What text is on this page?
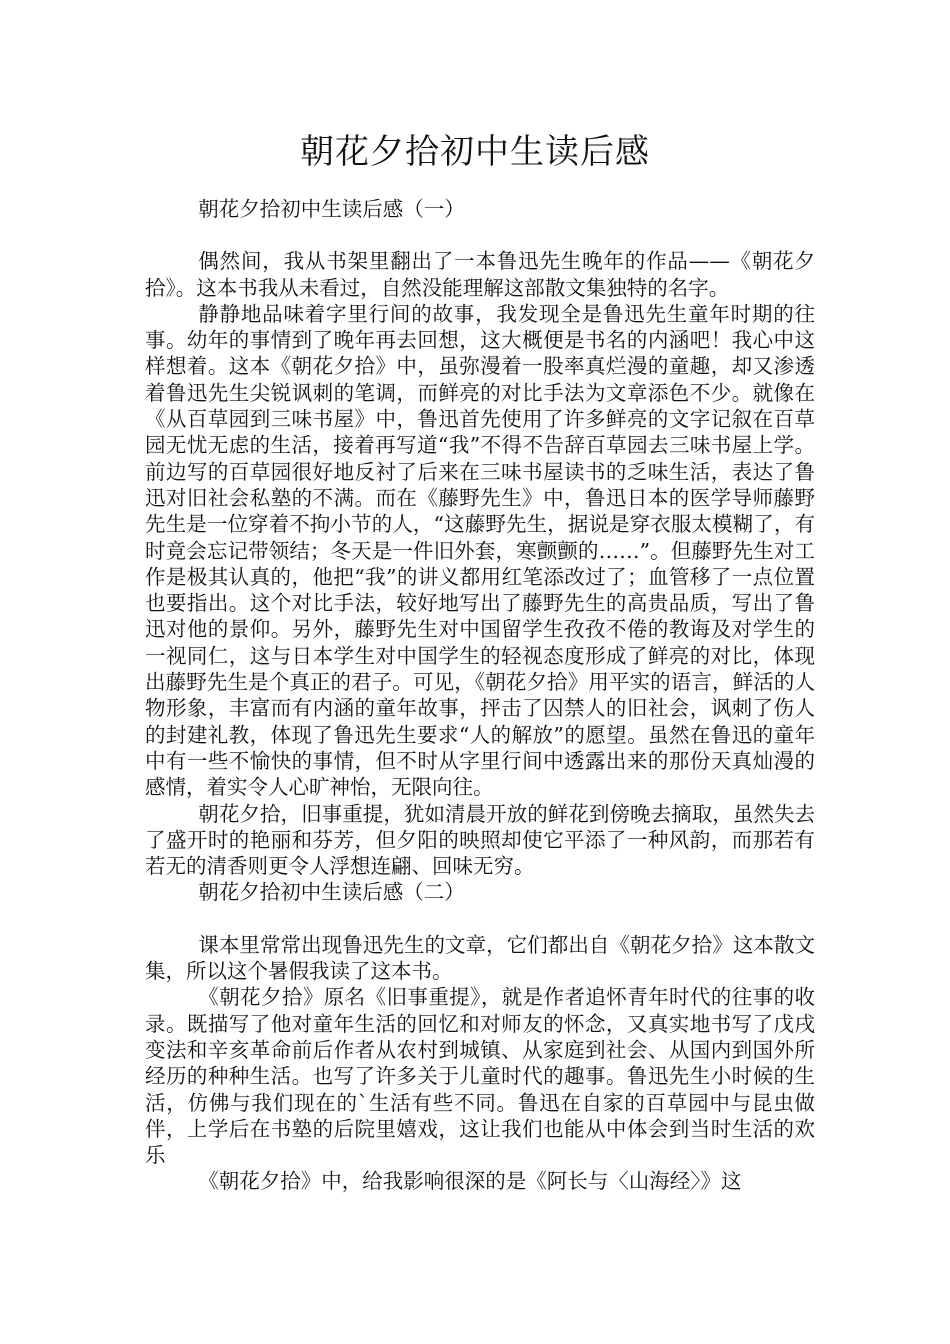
朝花夕拾初中生读后感

朝花夕拾初中生读后感（一）

偶然间，我从书架里翻出了一本鲁迅先生晚年的作品——《朝花夕拾》。这本书我从未看过，自然没能理解这部散文集独特的名字。

静静地品味着字里行间的故事，我发现全是鲁迅先生童年时期的往事。幼年的事情到了晚年再去回想，这大概便是书名的内涵吧！我心中这样想着。这本《朝花夕拾》中，虽弥漫着一股率真烂漫的童趣，却又渗透着鲁迅先生尖锐讽刺的笔调，而鲜亮的对比手法为文章添色不少。就像在《从百草园到三味书屋》中，鲁迅首先使用了许多鲜亮的文字记叙在百草园无忧无虑的生活，接着再写道“我”不得不告辞百草园去三味书屋上学。前边写的百草园很好地反衬了后来在三味书屋读书的乏味生活，表达了鲁迅对旧社会私塾的不满。而在《藤野先生》中，鲁迅日本的医学导师藤野先生是一位穿着不拘小节的人，“这藤野先生，据说是穿衣服太模糊了，有时竟会忘记带领结；冬天是一件旧外套，寒颤颤的……”。但藤野先生对工作是极其认真的，他把“我”的讲义都用红笔添改过了；血管移了一点位置也要指出。这个对比手法，较好地写出了藤野先生的高贵品质，写出了鲁迅对他的景仰。另外，藤野先生对中国留学生孜孜不倦的教诲及对学生的一视同仁，这与日本学生对中国学生的轻视态度形成了鲜亮的对比，体现出藤野先生是个真正的君子。可见，《朝花夕拾》用平实的语言，鲜活的人物形象，丰富而有内涵的童年故事，抨击了囚禁人的旧社会，讽刺了伤人的封建礼教，体现了鲁迅先生要求“人的解放”的愿望。虽然在鲁迅的童年中有一些不愉快的事情，但不时从字里行间中透露出来的那份天真灿漫的感情，着实令人心旷神怡，无限向往。

朝花夕拾，旧事重提，犹如清晨开放的鲜花到傍晚去摘取，虽然失去了盛开时的艳丽和芬芳，但夕阳的映照却使它平添了一种风韵，而那若有若无的清香则更令人浮想连翩、回味无穷。

朝花夕拾初中生读后感（二）

课本里常常出现鲁迅先生的文章，它们都出自《朝花夕拾》这本散文集，所以这个暑假我读了这本书。

《朝花夕拾》原名《旧事重提》，就是作者追怀青年时代的往事的收录。既描写了他对童年生活的回忆和对师友的怀念，又真实地书写了戊戌变法和辛亥革命前后作者从农村到城镇、从家庭到社会、从国内到国外所经历的种种生活。也写了许多关于儿童时代的趣事。鲁迅先生小时候的生活，仿佛与我们现在的`生活有些不同。鲁迅在自家的百草园中与昆虫做伴，上学后在书塾的后院里嬉戏，这让我们也能从中体会到当时生活的欢乐

《朝花夕拾》中，给我影响很深的是《阿长与〈山海经〉》这
